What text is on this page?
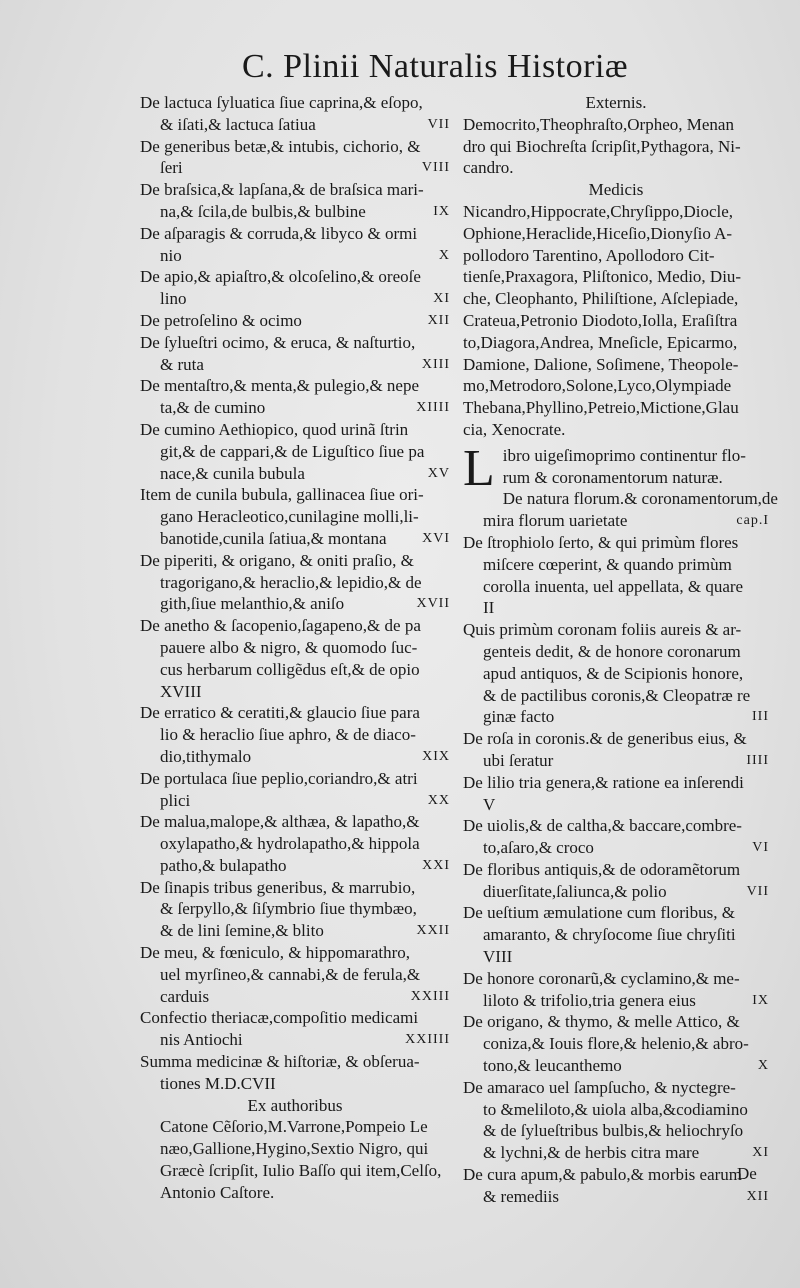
C. Plinii Naturalis Historiæ
De lactuca ſyluatica ſiue caprina,& eſopo,
& iſati,& lactuca ſatiua	VII
De generibus betæ,& intubis, cichorio, &
ſeri	VIII
De braſsica,& lapſana,& de braſsica mari-
na,& ſcila,de bulbis,& bulbine	IX
De aſparagis & corruda,& libyco & ormi
nio	X
De apio,& apiaſtro,& olcoſelino,& oreoſe
lino	XI
De petroſelino & ocimo	XII
De ſylueſtri ocimo, & eruca, & naſturtio,
& ruta	XIII
De mentaſtro,& menta,& pulegio,& nepe
ta,& de cumino	XIIII
De cumino Aethiopico, quod urinã ſtrin
git,& de cappari,& de Liguſtico ſiue pa
nace,& cunila bubula	XV
Item de cunila bubula, gallinacea ſiue ori-
gano Heracleotico,cunilagine molli,li-
banotide,cunila ſatiua,& montana	XVI
De piperiti, & origano, & oniti praſio, &
tragorigano,& heraclio,& lepidio,& de
gith,ſiue melanthio,& aniſo	XVII
De anetho & ſacopenio,ſagapeno,& de pa
pauere albo & nigro, & quomodo ſuc-
cus herbarum colligẽdus eſt,& de opio
XVIII
De erratico & ceratiti,& glaucio ſiue para
lio & heraclio ſiue aphro, & de diaco-
dio,tithymalo	XIX
De portulaca ſiue peplio,coriandro,& atri
plici	XX
De malua,malope,& althæa, & lapatho,&
oxylapatho,& hydrolapatho,& hippola
patho,& bulapatho	XXI
De ſinapis tribus generibus, & marrubio,
& ſerpyllo,& ſiſymbrio ſiue thymbæo,
& de lini ſemine,& blito	XXII
De meu, & fœniculo, & hippomarathro,
uel myrſineo,& cannabi,& de ferula,&
carduis	XXIII
Confectio theriacæ,compoſitio medicami
nis Antiochi	XXIIII
Summa medicinæ & hiſtoriæ, & obſerua-
tiones M.D.CVII
Ex authoribus
Catone Cẽſorio,M.Varrone,Pompeio Le
næo,Gallione,Hygino,Sextio Nigro, qui
Græcè ſcripſit, Iulio Baſſo qui item,Celſo,
Antonio Caſtore.
Externis.
Democrito,Theophraſto,Orpheo, Menan
dro qui Biochreſta ſcripſit,Pythagora, Ni-
candro.
Medicis
Nicandro,Hippocrate,Chryſippo,Diocle,
Ophione,Heraclide,Hiceſio,Dionyſio A-
pollodoro Tarentino, Apollodoro Cit-
tienſe,Praxagora, Pliſtonico, Medio, Diu-
che, Cleophanto, Philiſtione, Aſclepiade,
Crateua,Petronio Diodoto,Iolla, Eraſiſtra
to,Diagora,Andrea, Mneſicle, Epicarmo,
Damione, Dalione, Soſimene, Theopole-
mo,Metrodoro,Solone,Lyco,Olympiade
Thebana,Phyllino,Petreio,Mictione,Glau
cia, Xenocrate.
L ibro uigeſimoprimo continentur flo-
rum & coronamentorum naturæ.
De natura florum.& coronamentorum,de
mira florum uarietate	cap.I
De ſtrophiolo ſerto, & qui primùm flores
miſcere cœperint, & quando primùm
corolla inuenta, uel appellata, & quare
II
Quis primùm coronam foliis aureis & ar-
genteis dedit, & de honore coronarum
apud antiquos, & de Scipionis honore,
& de pactilibus coronis,& Cleopatræ re
ginæ facto	III
De roſa in coronis.& de generibus eius, &
ubi ſeratur	IIII
De lilio tria genera,& ratione ea inſerendi
V
De uiolis,& de caltha,& baccare,combre-
to,aſaro,& croco	VI
De floribus antiquis,& de odoramẽtorum
diuerſitate,ſaliunca,& polio	VII
De ueſtium æmulatione cum floribus, &
amaranto, & chryſocome ſiue chryſiti
VIII
De honore coronarũ,& cyclamino,& me-
liloto & trifolio,tria genera eius	IX
De origano, & thymo, & melle Attico, &
coniza,& Iouis flore,& helenio,& abro-
tono,& leucanthemo	X
De amaraco uel ſampſucho, & nyctegre-
to &meliloto,& uiola alba,&codiamino
& de ſylueſtribus bulbis,& heliochryſo
& lychni,& de herbis citra mare	XI
De cura apum,& pabulo,& morbis earum
& remediis	XII
De
